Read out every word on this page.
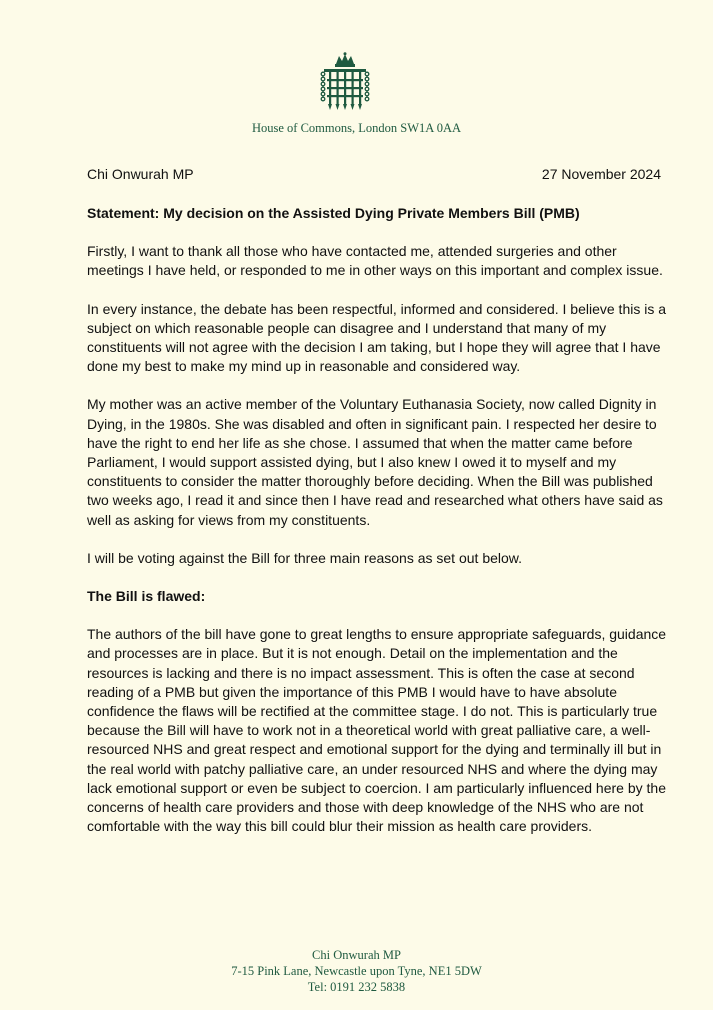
House of Commons, London SW1A 0AA
Chi Onwurah MP	27 November 2024

Statement: My decision on the Assisted Dying Private Members Bill (PMB)

Firstly, I want to thank all those who have contacted me, attended surgeries and other meetings I have held, or responded to me in other ways on this important and complex issue.

In every instance, the debate has been respectful, informed and considered. I believe this is a subject on which reasonable people can disagree and I understand that many of my constituents will not agree with the decision I am taking, but I hope they will agree that I have done my best to make my mind up in reasonable and considered way.

My mother was an active member of the Voluntary Euthanasia Society, now called Dignity in Dying, in the 1980s. She was disabled and often in significant pain. I respected her desire to have the right to end her life as she chose. I assumed that when the matter came before Parliament, I would support assisted dying, but I also knew I owed it to myself and my constituents to consider the matter thoroughly before deciding. When the Bill was published two weeks ago, I read it and since then I have read and researched what others have said as well as asking for views from my constituents.

I will be voting against the Bill for three main reasons as set out below.

The Bill is flawed:

The authors of the bill have gone to great lengths to ensure appropriate safeguards, guidance and processes are in place. But it is not enough. Detail on the implementation and the resources is lacking and there is no impact assessment. This is often the case at second reading of a PMB but given the importance of this PMB I would have to have absolute confidence the flaws will be rectified at the committee stage. I do not. This is particularly true because the Bill will have to work not in a theoretical world with great palliative care, a well-resourced NHS and great respect and emotional support for the dying and terminally ill but in the real world with patchy palliative care, an under resourced NHS and where the dying may lack emotional support or even be subject to coercion. I am particularly influenced here by the concerns of health care providers and those with deep knowledge of the NHS who are not comfortable with the way this bill could blur their mission as health care providers.

Chi Onwurah MP
7-15 Pink Lane, Newcastle upon Tyne, NE1 5DW
Tel: 0191 232 5838
